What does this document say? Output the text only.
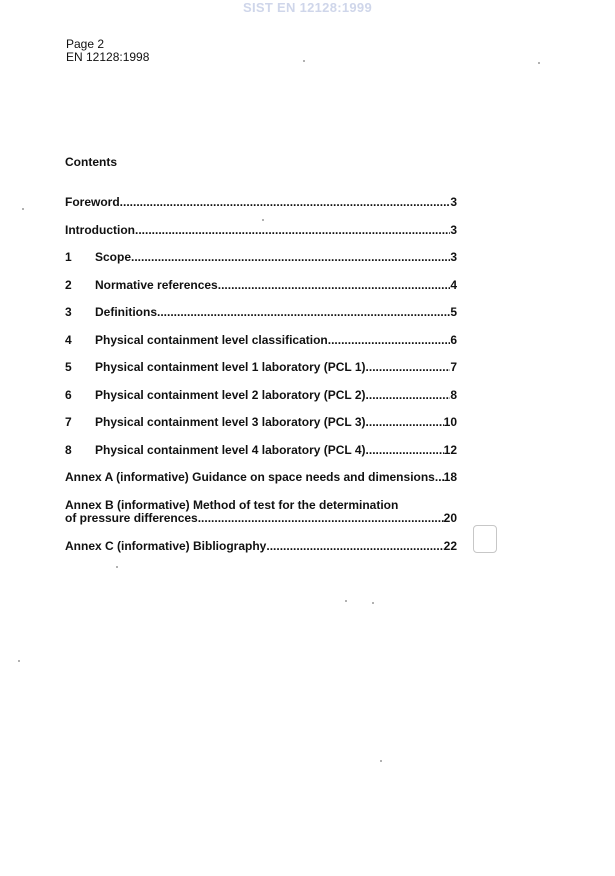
SIST EN 12128:1999
Page 2
EN 12128:1998
Contents
Foreword .....	3
Introduction .....	3
1	Scope .....	3
2	Normative references .....	4
3	Definitions .....	5
4	Physical containment level classification .....	6
5	Physical containment level 1 laboratory (PCL 1) .....	7
6	Physical containment level 2 laboratory (PCL 2) .....	8
7	Physical containment level 3 laboratory (PCL 3) .....	10
8	Physical containment level 4 laboratory (PCL 4) .....	12
Annex A (informative) Guidance on space needs and dimensions ..... 18
Annex B (informative) Method of test for the determination
of pressure differences .....	20
Annex C (informative) Bibliography .....	22
